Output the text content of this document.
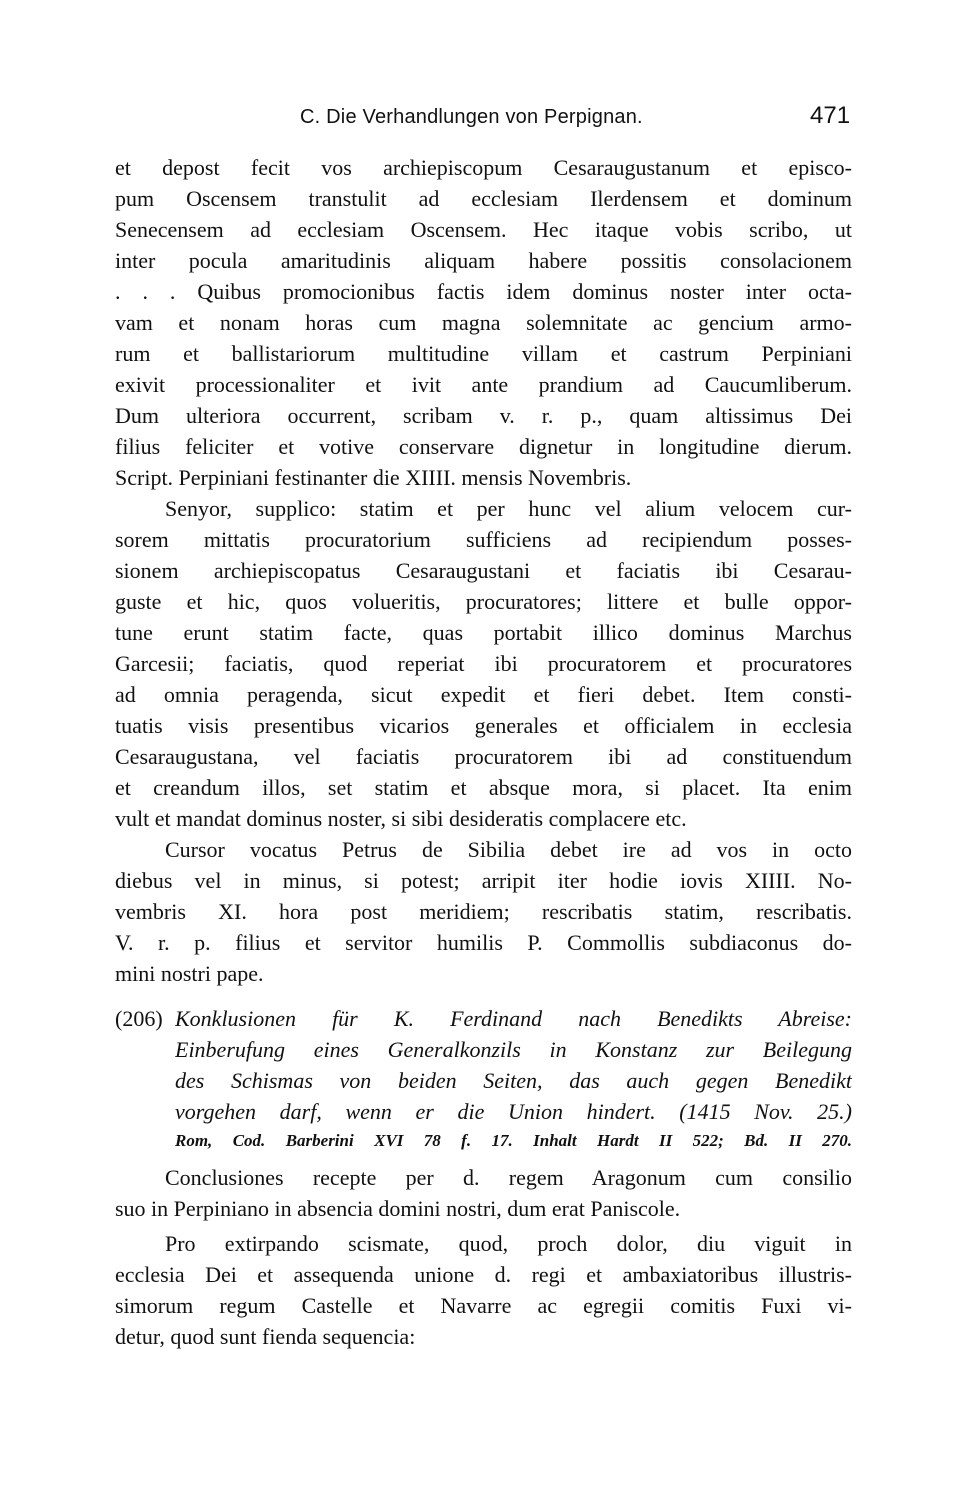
C. Die Verhandlungen von Perpignan.	471
et depost fecit vos archiepiscopum Cesaraugustanum et episco-
pum Oscensem transtulit ad ecclesiam Ilerdensem et dominum
Senecensem ad ecclesiam Oscensem. Hec itaque vobis scribo, ut
inter pocula amaritudinis aliquam habere possitis consolacionem
. . . Quibus promocionibus factis idem dominus noster inter octa-
vam et nonam horas cum magna solemnitate ac gencium armo-
rum et ballistariorum multitudine villam et castrum Perpiniani
exivit processionaliter et ivit ante prandium ad Caucumliberum.
Dum ulteriora occurrent, scribam v. r. p., quam altissimus Dei
filius feliciter et votive conservare dignetur in longitudine dierum.
Script. Perpiniani festinanter die XIIII. mensis Novembris.
Senyor, supplico: statim et per hunc vel alium velocem cur-
sorem mittatis procuratorium sufficiens ad recipiendum posses-
sionem archiepiscopatus Cesaraugustani et faciatis ibi Cesarau-
guste et hic, quos volueritis, procuratores; littere et bulle oppor-
tune erunt statim facte, quas portabit illico dominus Marchus
Garcesii; faciatis, quod reperiat ibi procuratorem et procuratores
ad omnia peragenda, sicut expedit et fieri debet. Item consti-
tuatis visis presentibus vicarios generales et officialem in ecclesia
Cesaraugustana, vel faciatis procuratorem ibi ad constituendum
et creandum illos, set statim et absque mora, si placet. Ita enim
vult et mandat dominus noster, si sibi desideratis complacere etc.
Cursor vocatus Petrus de Sibilia debet ire ad vos in octo
diebus vel in minus, si potest; arripit iter hodie iovis XIIII. No-
vembris XI. hora post meridiem; rescribatis statim, rescribatis.
V. r. p. filius et servitor humilis P. Commollis subdiaconus do-
mini nostri pape.
(206) Konklusionen für K. Ferdinand nach Benedikts Abreise:
Einberufung eines Generalkonzils in Konstanz zur Beilegung
des Schismas von beiden Seiten, das auch gegen Benedikt
vorgehen darf, wenn er die Union hindert. (1415 Nov. 25.)
Rom, Cod. Barberini XVI 78 f. 17. Inhalt Hardt II 522; Bd. II 270.
Conclusiones recepte per d. regem Aragonum cum consilio
suo in Perpiniano in absencia domini nostri, dum erat Paniscole.
Pro extirpando scismate, quod, proch dolor, diu viguit in
ecclesia Dei et assequenda unione d. regi et ambaxiatoribus illustris-
simorum regum Castelle et Navarre ac egregii comitis Fuxi vi-
detur, quod sunt fienda sequencia:
